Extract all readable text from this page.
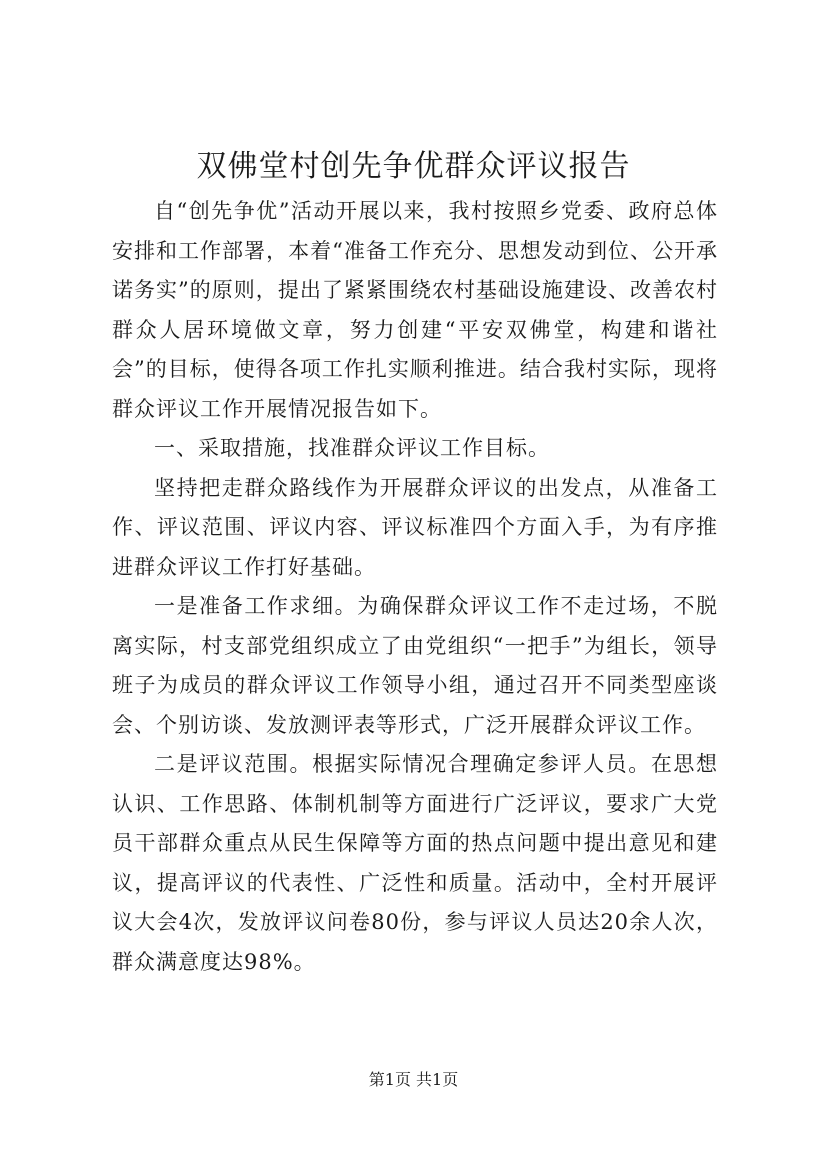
双佛堂村创先争优群众评议报告

自“创先争优”活动开展以来，我村按照乡党委、政府总体安排和工作部署，本着“准备工作充分、思想发动到位、公开承诺务实”的原则，提出了紧紧围绕农村基础设施建设、改善农村群众人居环境做文章，努力创建“平安双佛堂，构建和谐社会”的目标，使得各项工作扎实顺利推进。结合我村实际，现将群众评议工作开展情况报告如下。

一、采取措施，找准群众评议工作目标。

坚持把走群众路线作为开展群众评议的出发点，从准备工作、评议范围、评议内容、评议标准四个方面入手，为有序推进群众评议工作打好基础。

一是准备工作求细。为确保群众评议工作不走过场，不脱离实际，村支部党组织成立了由党组织“一把手”为组长，领导班子为成员的群众评议工作领导小组，通过召开不同类型座谈会、个别访谈、发放测评表等形式，广泛开展群众评议工作。

二是评议范围。根据实际情况合理确定参评人员。在思想认识、工作思路、体制机制等方面进行广泛评议，要求广大党员干部群众重点从民生保障等方面的热点问题中提出意见和建议，提高评议的代表性、广泛性和质量。活动中，全村开展评议大会4次，发放评议问卷80份，参与评议人员达20余人次，群众满意度达98%。

第1页 共1页
